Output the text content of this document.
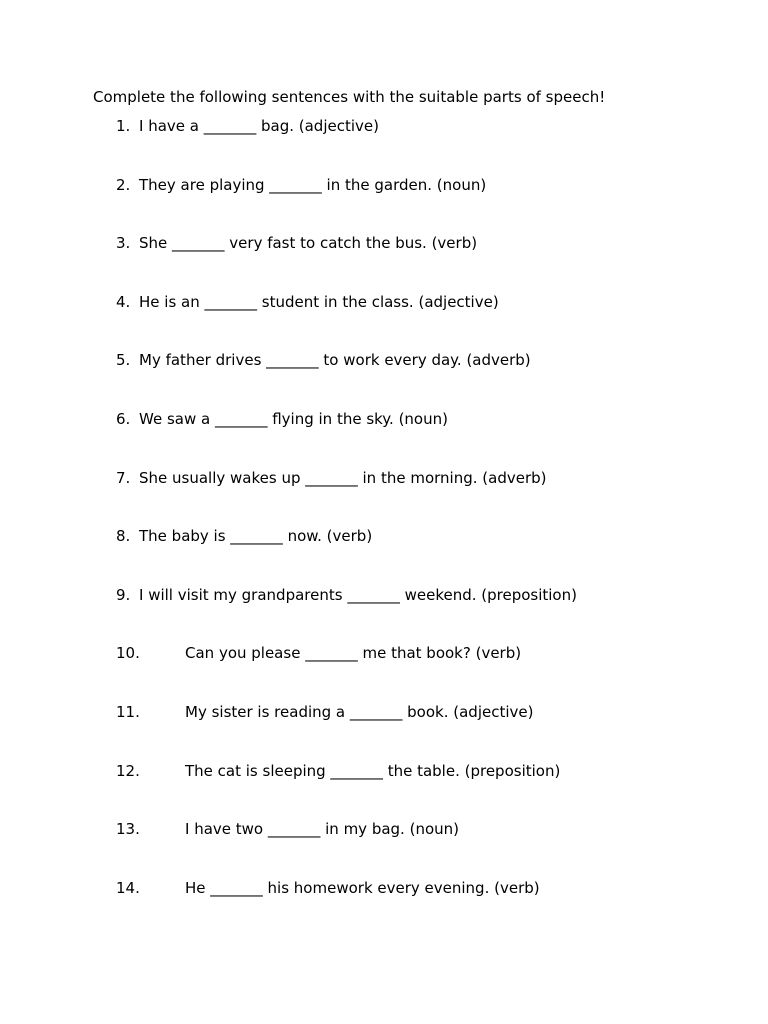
Complete the following sentences with the suitable parts of speech!
1. I have a _______ bag. (adjective)
2. They are playing _______ in the garden. (noun)
3. She _______ very fast to catch the bus. (verb)
4. He is an _______ student in the class. (adjective)
5. My father drives _______ to work every day. (adverb)
6. We saw a _______ flying in the sky. (noun)
7. She usually wakes up _______ in the morning. (adverb)
8. The baby is _______ now. (verb)
9. I will visit my grandparents _______ weekend. (preposition)
10.	Can you please _______ me that book? (verb)
11.	My sister is reading a _______ book. (adjective)
12.	The cat is sleeping _______ the table. (preposition)
13.	I have two _______ in my bag. (noun)
14.	He _______ his homework every evening. (verb)
